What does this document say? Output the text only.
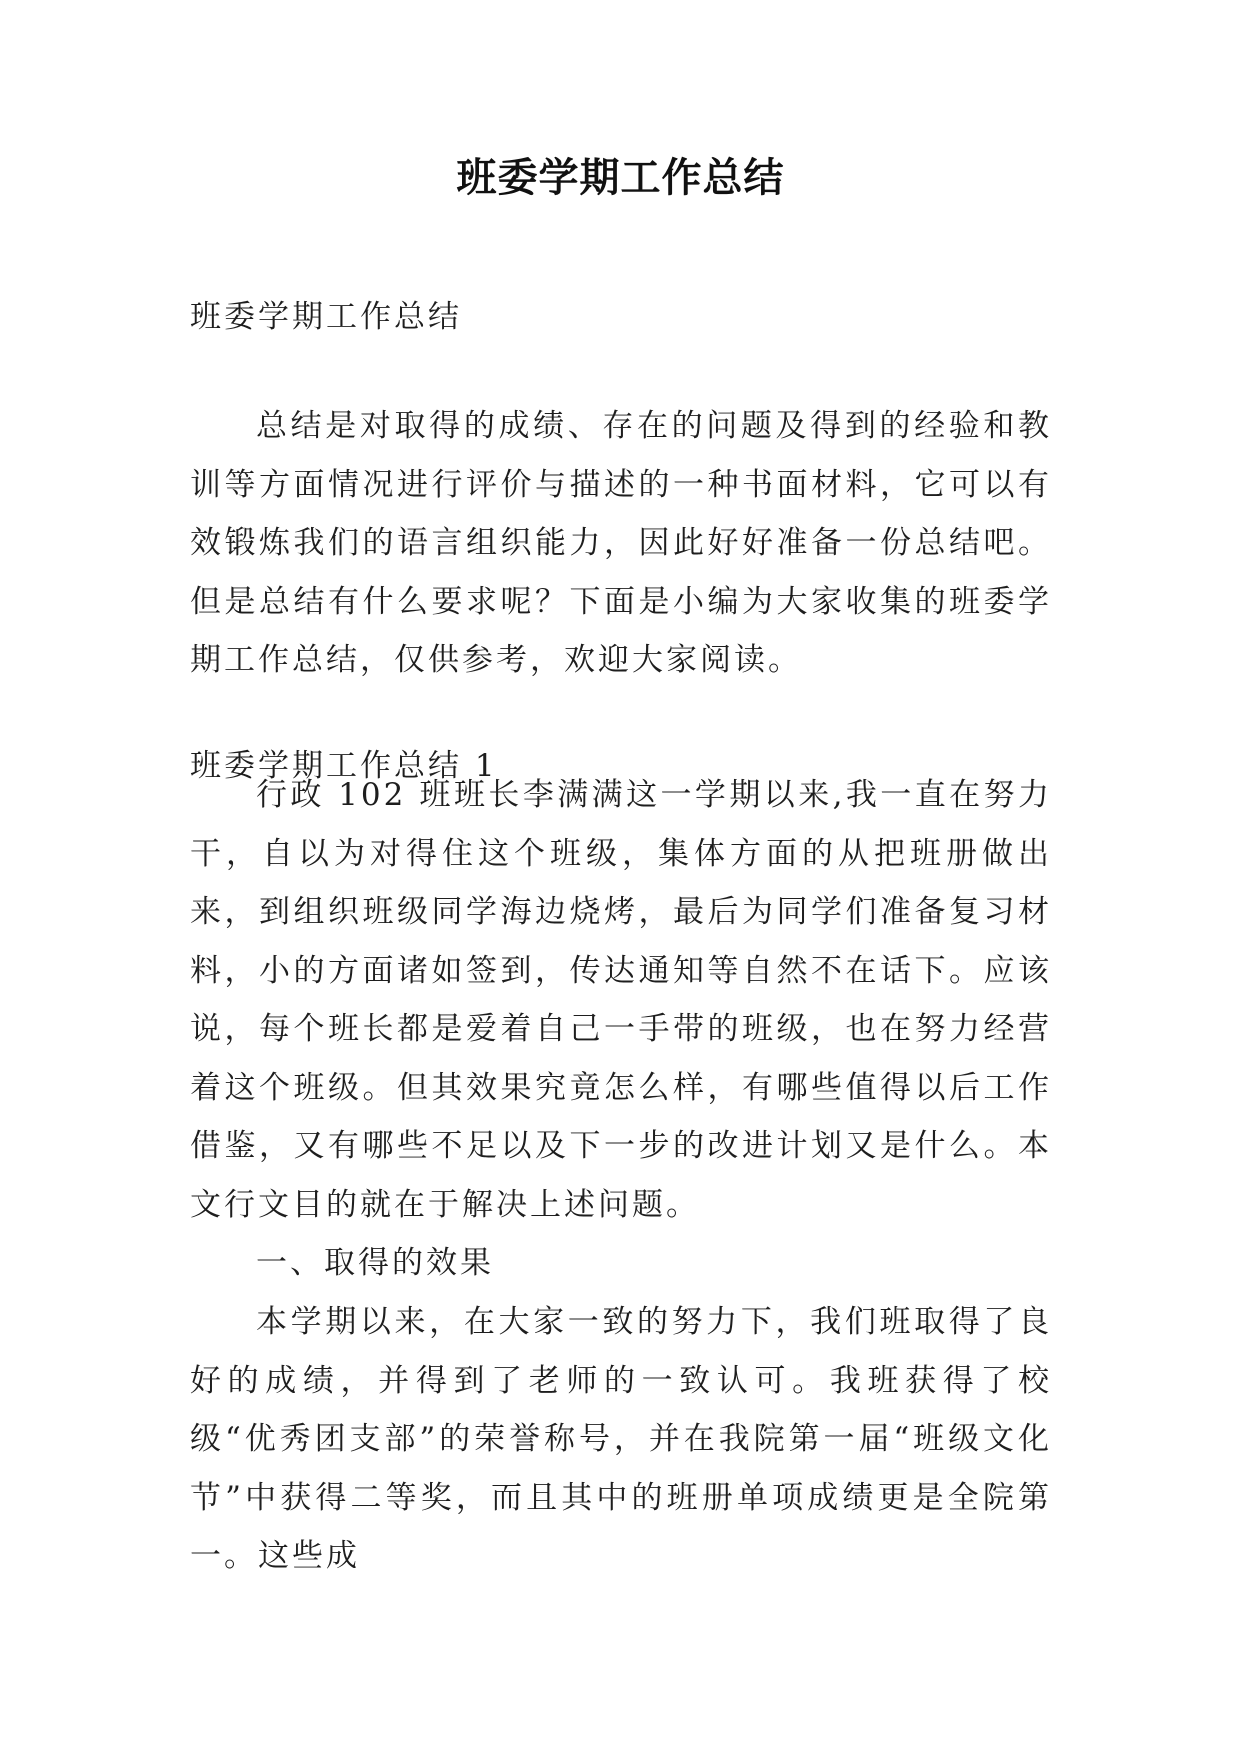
班委学期工作总结

班委学期工作总结

总结是对取得的成绩、存在的问题及得到的经验和教训等方面情况进行评价与描述的一种书面材料，它可以有效锻炼我们的语言组织能力，因此好好准备一份总结吧。但是总结有什么要求呢？下面是小编为大家收集的班委学期工作总结，仅供参考，欢迎大家阅读。

班委学期工作总结 1

行政 102 班班长李满满这一学期以来,我一直在努力干，自以为对得住这个班级，集体方面的从把班册做出来，到组织班级同学海边烧烤，最后为同学们准备复习材料，小的方面诸如签到，传达通知等自然不在话下。应该说，每个班长都是爱着自己一手带的班级，也在努力经营着这个班级。但其效果究竟怎么样，有哪些值得以后工作借鉴，又有哪些不足以及下一步的改进计划又是什么。本文行文目的就在于解决上述问题。

一、取得的效果

本学期以来，在大家一致的努力下，我们班取得了良好的成绩，并得到了老师的一致认可。我班获得了校级“优秀团支部”的荣誉称号，并在我院第一届“班级文化节”中获得二等奖，而且其中的班册单项成绩更是全院第一。这些成
